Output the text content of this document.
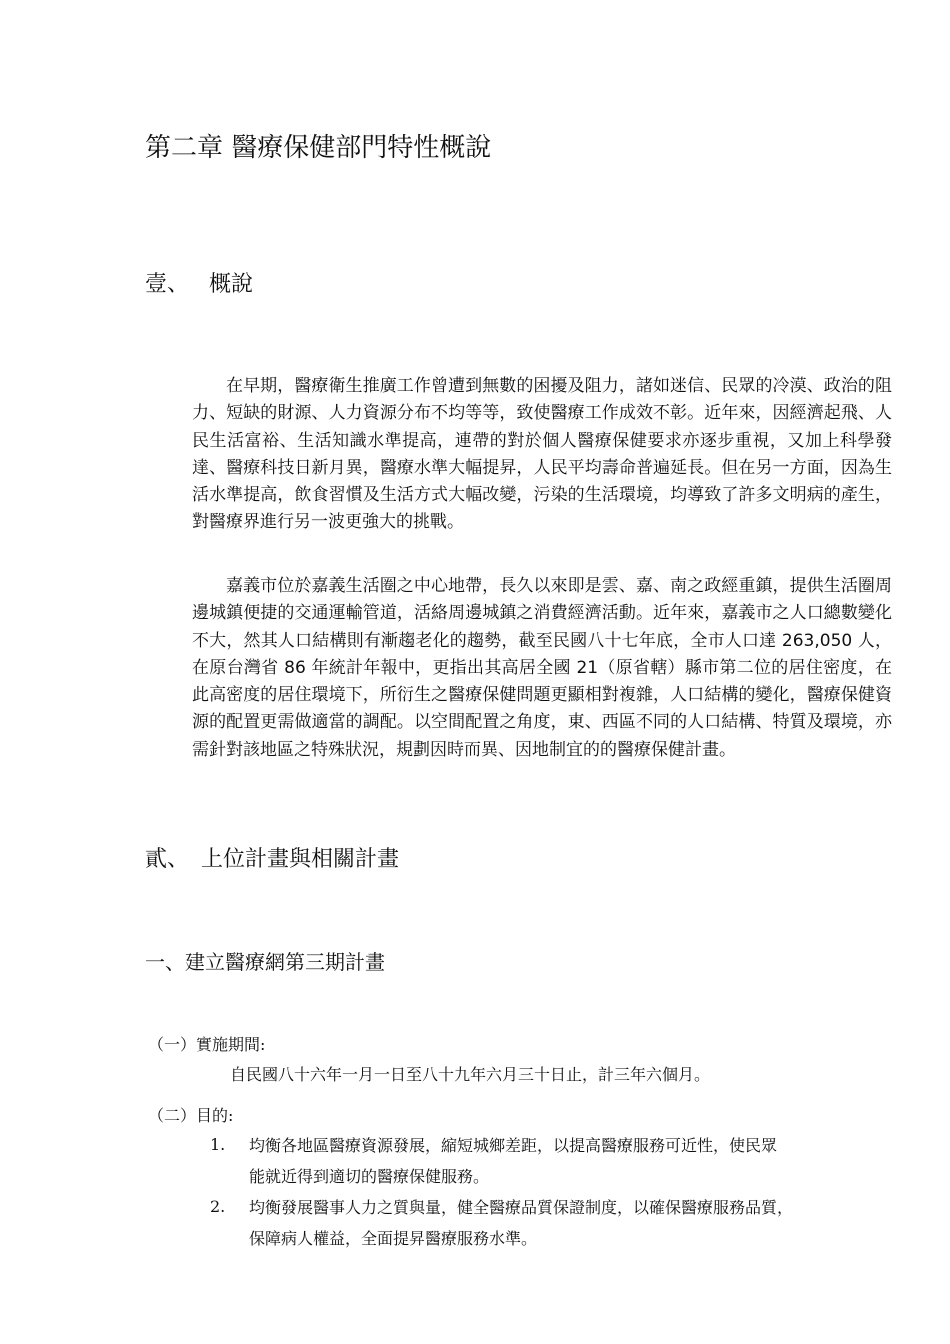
第二章 醫療保健部門特性概說
壹、 概說

在早期，醫療衛生推廣工作曾遭到無數的困擾及阻力，諸如迷信、民眾的冷漠、政治的阻力、短缺的財源、人力資源分布不均等等，致使醫療工作成效不彰。近年來，因經濟起飛、人民生活富裕、生活知識水準提高，連帶的對於個人醫療保健要求亦逐步重視，又加上科學發達、醫療科技日新月異，醫療水準大幅提昇，人民平均壽命普遍延長。但在另一方面，因為生活水準提高，飲食習慣及生活方式大幅改變，污染的生活環境，均導致了許多文明病的產生，對醫療界進行另一波更強大的挑戰。

嘉義市位於嘉義生活圈之中心地帶，長久以來即是雲、嘉、南之政經重鎮，提供生活圈周邊城鎮便捷的交通運輸管道，活絡周邊城鎮之消費經濟活動。近年來，嘉義市之人口總數變化不大，然其人口結構則有漸趨老化的趨勢，截至民國八十七年底，全市人口達 263,050 人，在原台灣省 86 年統計年報中，更指出其高居全國 21（原省轄）縣市第二位的居住密度，在此高密度的居住環境下，所衍生之醫療保健問題更顯相對複雜，人口結構的變化，醫療保健資源的配置更需做適當的調配。以空間配置之角度，東、西區不同的人口結構、特質及環境，亦需針對該地區之特殊狀況，規劃因時而異、因地制宜的的醫療保健計畫。

貳、 上位計畫與相關計畫
一、建立醫療網第三期計畫
（一）實施期間:
自民國八十六年一月一日至八十九年六月三十日止，計三年六個月。
（二）目的:
1. 均衡各地區醫療資源發展，縮短城鄉差距，以提高醫療服務可近性，使民眾
能就近得到適切的醫療保健服務。
2. 均衡發展醫事人力之質與量，健全醫療品質保證制度，以確保醫療服務品質，
保障病人權益，全面提昇醫療服務水準。
